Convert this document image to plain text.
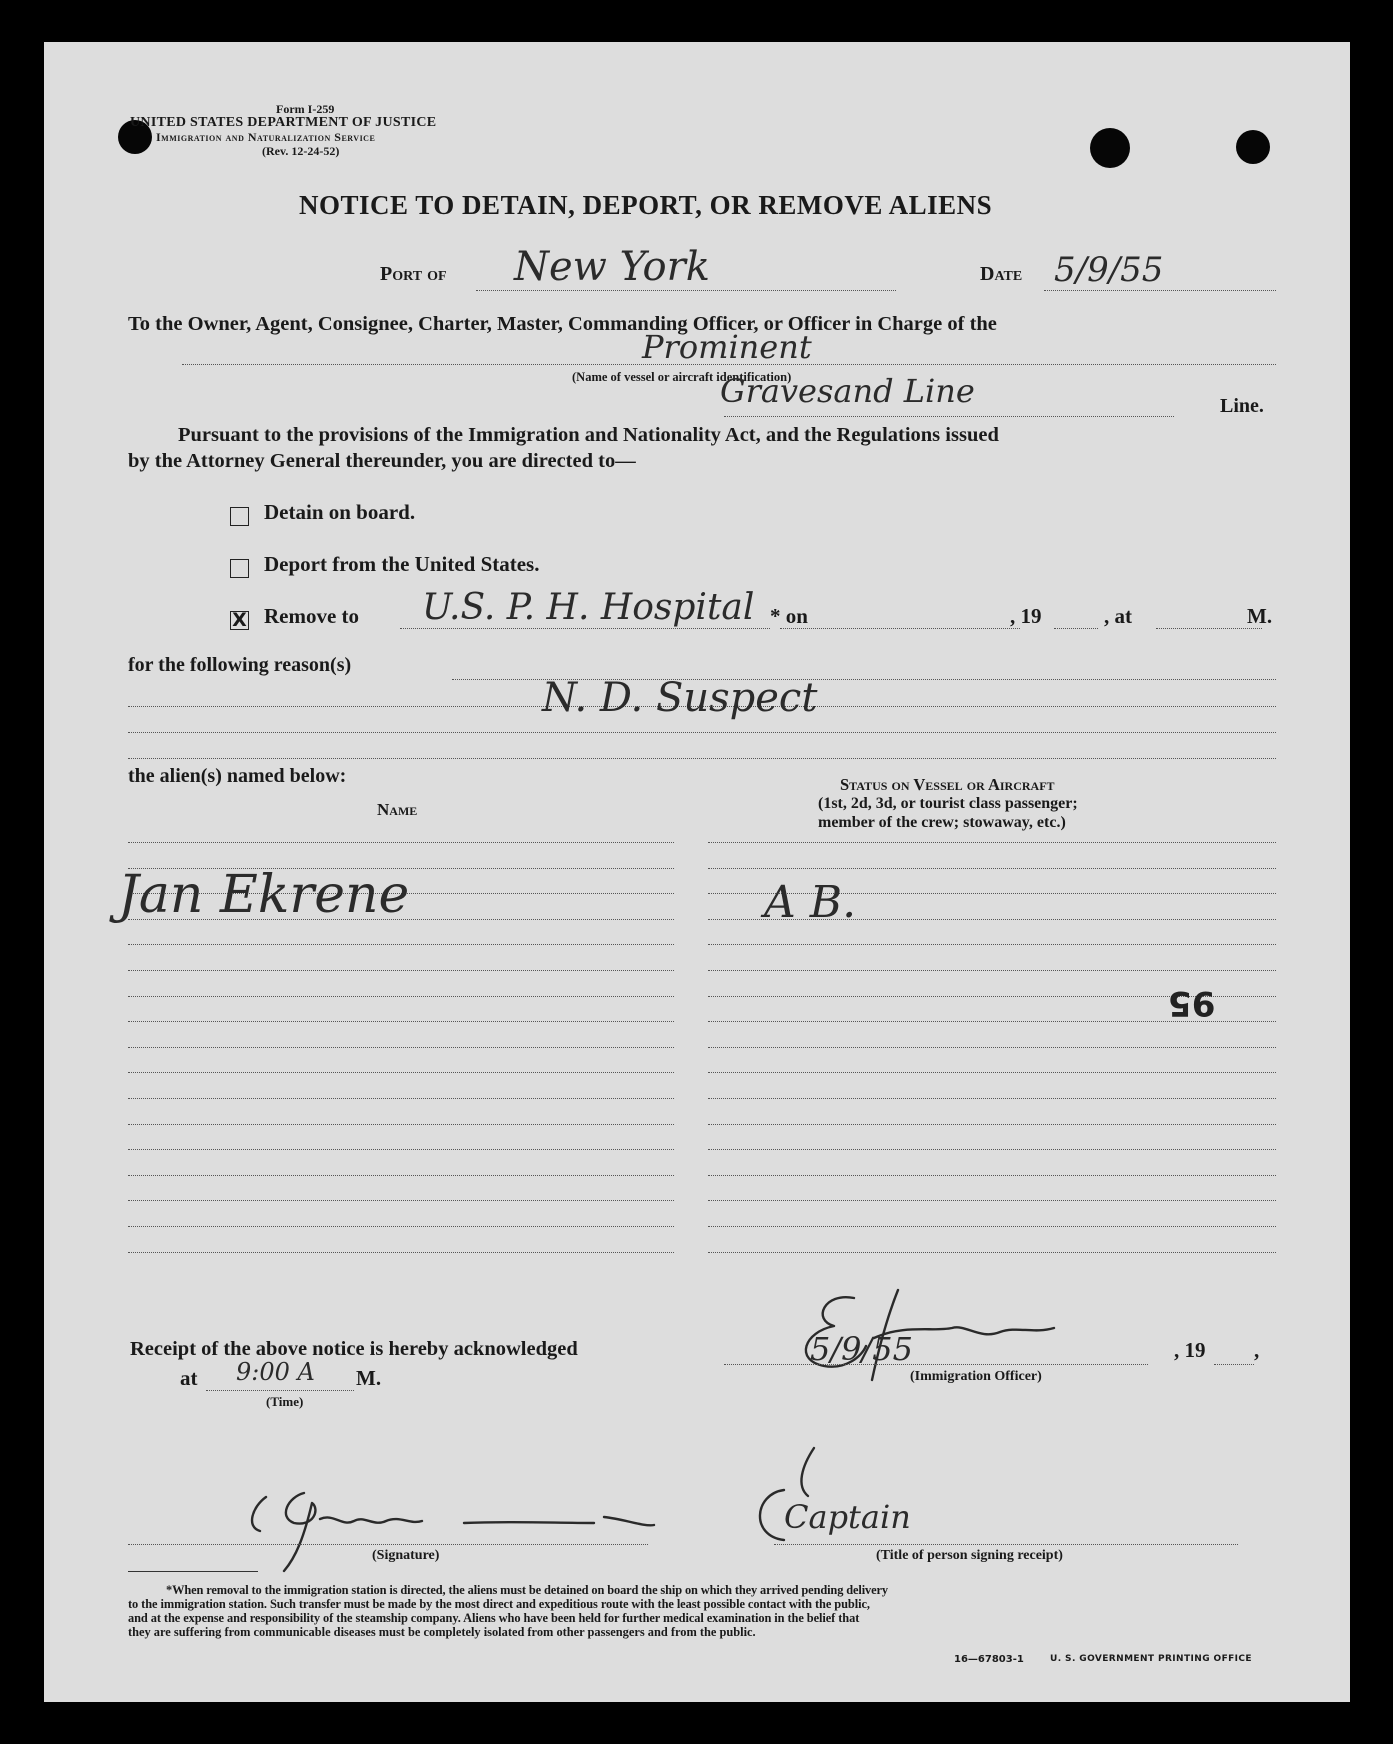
Form I-259
UNITED STATES DEPARTMENT OF JUSTICE
Immigration and Naturalization Service
(Rev. 12-24-52)
NOTICE TO DETAIN, DEPORT, OR REMOVE ALIENS
Port of New York	Date 5/9/55
To the Owner, Agent, Consignee, Charter, Master, Commanding Officer, or Officer in Charge of the
Prominent
(Name of vessel or aircraft identification)
Gravesand Line	Line.
Pursuant to the provisions of the Immigration and Nationality Act, and the Regulations issued
by the Attorney General thereunder, you are directed to—
Detain on board.
Deport from the United States.
X Remove to U.S. P. H. Hospital * on	, 19	, at	M.
for the following reason(s)
N. D. Suspect
the alien(s) named below:
Name
Status on Vessel or Aircraft
(1st, 2d, 3d, or tourist class passenger;
member of the crew; stowaway, etc.)
Jan Ekrene	A B.
95
(Immigration Officer)
Receipt of the above notice is hereby acknowledged	5/9/55	, 19 ,
at 9:00 A M.
(Time)
(Signature)
Captain
(Title of person signing receipt)
*When removal to the immigration station is directed, the aliens must be detained on board the ship on which they arrived pending delivery
to the immigration station. Such transfer must be made by the most direct and expeditious route with the least possible contact with the public,
and at the expense and responsibility of the steamship company. Aliens who have been held for further medical examination in the belief that
they are suffering from communicable diseases must be completely isolated from other passengers and from the public.
16—67803-1	U. S. GOVERNMENT PRINTING OFFICE
